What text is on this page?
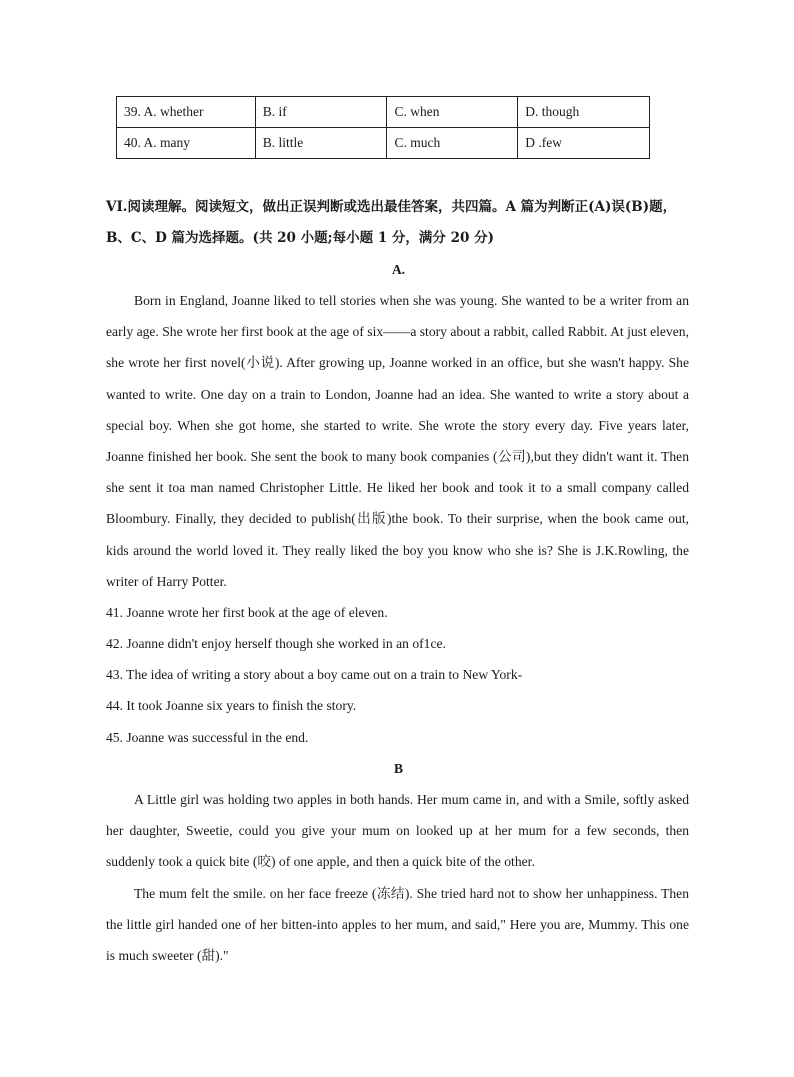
39. A. whether	B. if	C. when	D. though
40. A. many	B. little	C. much	D .few

VI.阅读理解。阅读短文，做出正误判断或选出最佳答案，共四篇。A 篇为判断正(A)误(B)题，

B、C、D 篇为选择题。(共 20 小题;每小题 1 分，满分 20 分)

A.

Born in England, Joanne liked to tell stories when she was young. She wanted to be a writer from an early age. She wrote her first book at the age of six——a story about a rabbit, called Rabbit. At just eleven, she wrote her first novel(小说). After growing up, Joanne worked in an office, but she wasn't happy. She wanted to write. One day on a train to London, Joanne had an idea. She wanted to write a story about a special boy. When she got home, she started to write. She wrote the story every day. Five years later, Joanne finished her book. She sent the book to many book companies (公司),but they didn't want it. Then she sent it toa man named Christopher Little. He liked her book and took it to a small company called Bloombury. Finally, they decided to publish(出版)the book. To their surprise, when the book came out, kids around the world loved it. They really liked the boy you know who she is? She is J.K.Rowling, the writer of Harry Potter.

41. Joanne wrote her first book at the age of eleven.

42. Joanne didn't enjoy herself though she worked in an of1ce.

43. The idea of writing a story about a boy came out on a train to New York-

44. It took Joanne six years to finish the story.

45. Joanne was successful in the end.

B

A Little girl was holding two apples in both hands. Her mum came in, and with a Smile, softly asked her daughter, Sweetie, could you give your mum on looked up at her mum for a few seconds, then suddenly took a quick bite (咬) of one apple, and then a quick bite of the other.

The mum felt the smile. on her face freeze (冻结). She tried hard not to show her unhappiness. Then the little girl handed one of her bitten-into apples to her mum, and said," Here you are, Mummy. This one is much sweeter (甜)."
